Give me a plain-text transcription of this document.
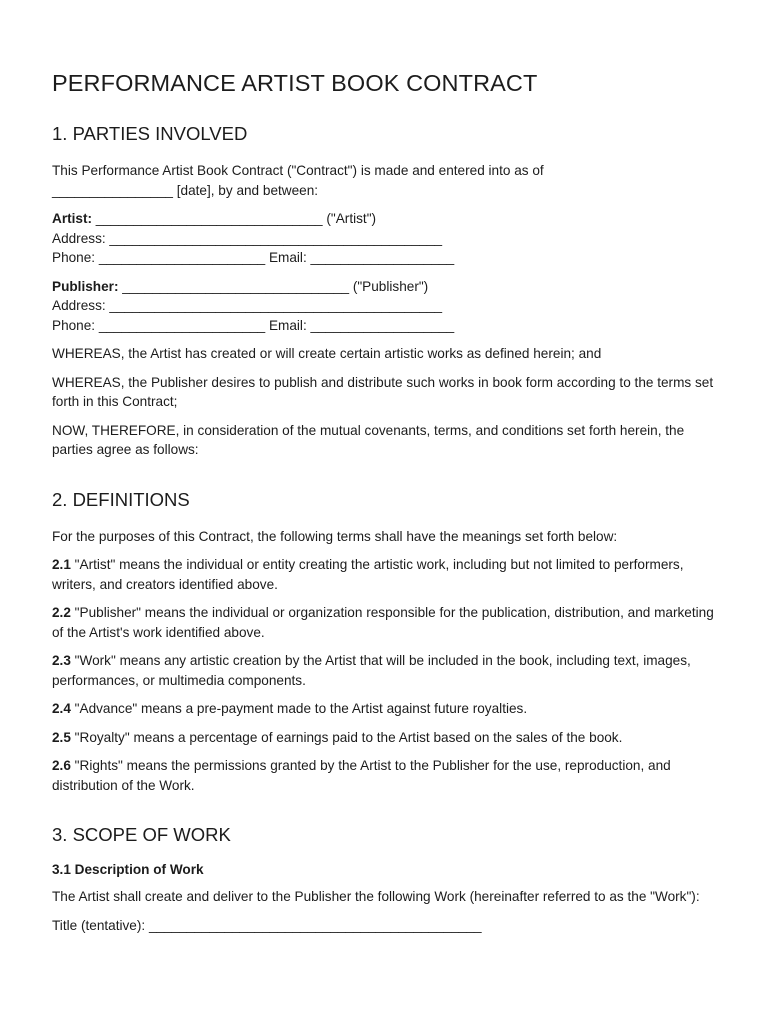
PERFORMANCE ARTIST BOOK CONTRACT
1. PARTIES INVOLVED

This Performance Artist Book Contract ("Contract") is made and entered into as of

________________ [date], by and between:

Artist: ______________________________ ("Artist")

Address: ____________________________________________

Phone: ______________________ Email: ___________________

Publisher: ______________________________ ("Publisher")

Address: ____________________________________________

Phone: ______________________ Email: ___________________

WHEREAS, the Artist has created or will create certain artistic works as defined herein; and

WHEREAS, the Publisher desires to publish and distribute such works in book form according to the terms set forth in this Contract;

NOW, THEREFORE, in consideration of the mutual covenants, terms, and conditions set forth herein, the parties agree as follows:

2. DEFINITIONS

For the purposes of this Contract, the following terms shall have the meanings set forth below:

2.1 "Artist" means the individual or entity creating the artistic work, including but not limited to performers, writers, and creators identified above.

2.2 "Publisher" means the individual or organization responsible for the publication, distribution, and marketing of the Artist's work identified above.

2.3 "Work" means any artistic creation by the Artist that will be included in the book, including text, images, performances, or multimedia components.

2.4 "Advance" means a pre-payment made to the Artist against future royalties.

2.5 "Royalty" means a percentage of earnings paid to the Artist based on the sales of the book.

2.6 "Rights" means the permissions granted by the Artist to the Publisher for the use, reproduction, and distribution of the Work.

3. SCOPE OF WORK
3.1 Description of Work

The Artist shall create and deliver to the Publisher the following Work (hereinafter referred to as the "Work"):

Title (tentative): ____________________________________________
